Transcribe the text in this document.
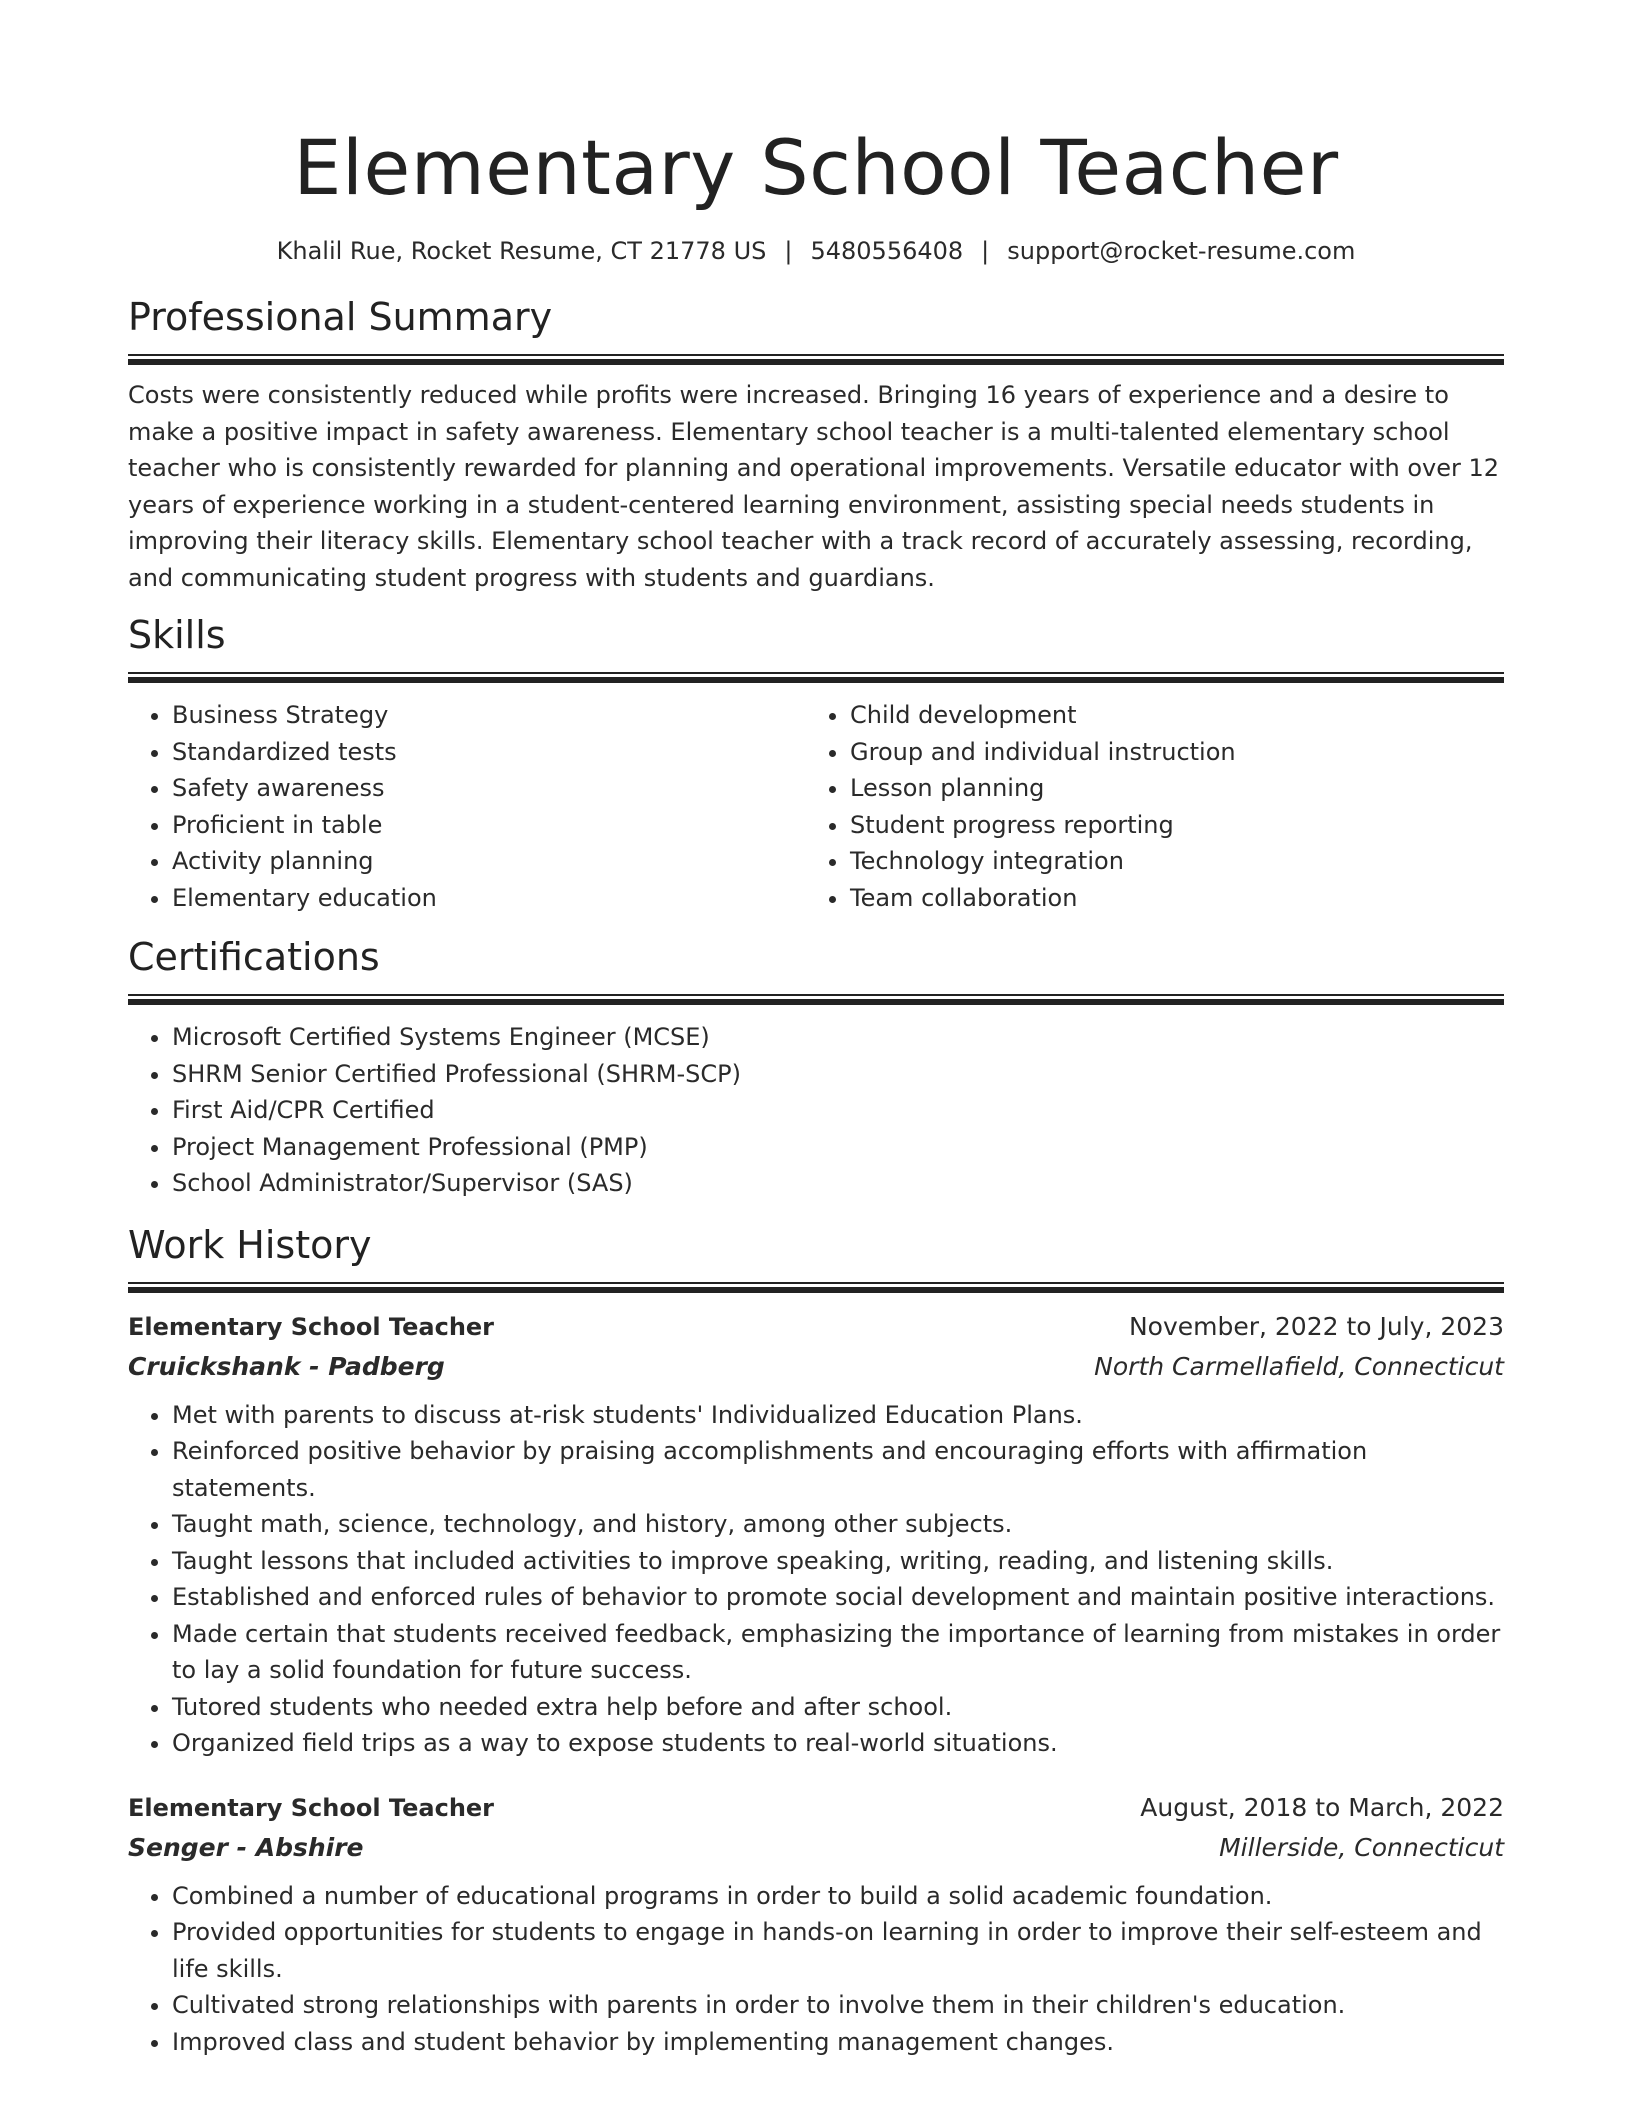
Elementary School Teacher
Khalil Rue, Rocket Resume, CT 21778 US | 5480556408 | support@rocket-resume.com
Professional Summary
Costs were consistently reduced while profits were increased. Bringing 16 years of experience and a desire to make a positive impact in safety awareness. Elementary school teacher is a multi-talented elementary school teacher who is consistently rewarded for planning and operational improvements. Versatile educator with over 12 years of experience working in a student-centered learning environment, assisting special needs students in improving their literacy skills. Elementary school teacher with a track record of accurately assessing, recording, and communicating student progress with students and guardians.
Skills
• Business Strategy
• Standardized tests
• Safety awareness
• Proficient in table
• Activity planning
• Elementary education
• Child development
• Group and individual instruction
• Lesson planning
• Student progress reporting
• Technology integration
• Team collaboration
Certifications
• Microsoft Certified Systems Engineer (MCSE)
• SHRM Senior Certified Professional (SHRM-SCP)
• First Aid/CPR Certified
• Project Management Professional (PMP)
• School Administrator/Supervisor (SAS)
Work History
Elementary School Teacher	November, 2022 to July, 2023
Cruickshank - Padberg	North Carmellafield, Connecticut
• Met with parents to discuss at-risk students' Individualized Education Plans.
• Reinforced positive behavior by praising accomplishments and encouraging efforts with affirmation statements.
• Taught math, science, technology, and history, among other subjects.
• Taught lessons that included activities to improve speaking, writing, reading, and listening skills.
• Established and enforced rules of behavior to promote social development and maintain positive interactions.
• Made certain that students received feedback, emphasizing the importance of learning from mistakes in order to lay a solid foundation for future success.
• Tutored students who needed extra help before and after school.
• Organized field trips as a way to expose students to real-world situations.
Elementary School Teacher	August, 2018 to March, 2022
Senger - Abshire	Millerside, Connecticut
• Combined a number of educational programs in order to build a solid academic foundation.
• Provided opportunities for students to engage in hands-on learning in order to improve their self-esteem and life skills.
• Cultivated strong relationships with parents in order to involve them in their children's education.
• Improved class and student behavior by implementing management changes.
